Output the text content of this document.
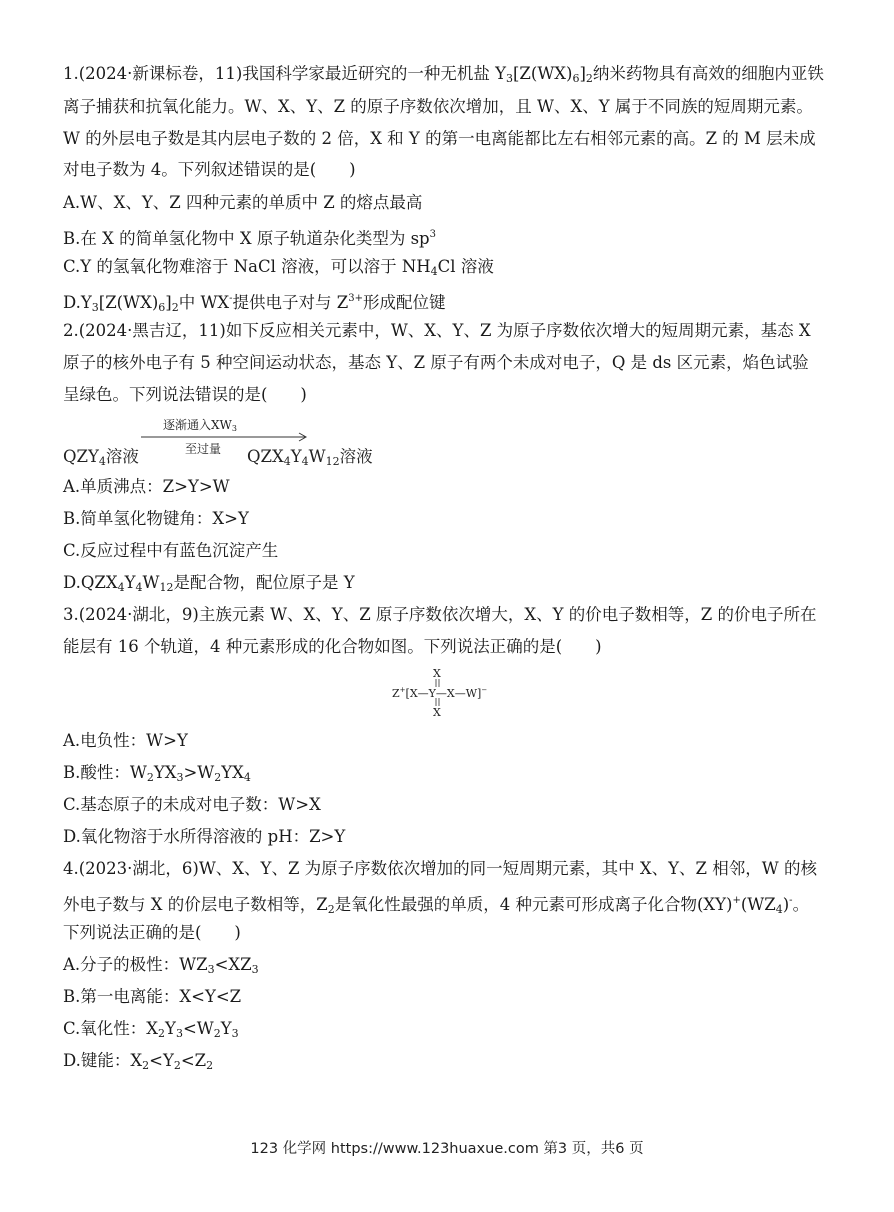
1.(2024·新课标卷，11)我国科学家最近研究的一种无机盐 $Y_3[Z(WX)_6]_2$纳米药物具有高效的细胞内亚铁
离子捕获和抗氧化能力。W、X、Y、Z 的原子序数依次增加，且 W、X、Y 属于不同族的短周期元素。
W 的外层电子数是其内层电子数的 2 倍，X 和 Y 的第一电离能都比左右相邻元素的高。Z 的 M 层未成
对电子数为 4。下列叙述错误的是(　　)
A.W、X、Y、Z 四种元素的单质中 Z 的熔点最高
B.在 X 的简单氢化物中 X 原子轨道杂化类型为 $sp^3$
C.Y 的氢氧化物难溶于 NaCl 溶液，可以溶于 $NH_4Cl$ 溶液
$D.Y_3[Z(WX)_6]_2$中 WX-提供电子对与 $Z^{3+}$形成配位键
2.(2024·黑吉辽，11)如下反应相关元素中，W、X、Y、Z 为原子序数依次增大的短周期元素，基态 X
原子的核外电子有 5 种空间运动状态，基态 Y、Z 原子有两个未成对电子，Q 是 ds 区元素，焰色试验
呈绿色。下列说法错误的是(　　)
逐渐通入XW3
至过量
$QZY_4$溶液	$QZX_4Y_4W_{12}$溶液
A.单质沸点：Z>Y>W
B.简单氢化物键角：X>Y
C.反应过程中有蓝色沉淀产生
$D.QZX_4Y_4W_{12}$是配合物，配位原子是 Y
3.(2024·湖北，9)主族元素 W、X、Y、Z 原子序数依次增大，X、Y 的价电子数相等，Z 的价电子所在
能层有 16 个轨道，4 种元素形成的化合物如图。下列说法正确的是(　　)
X
Z+[X—Y—X—W]−
X
A.电负性：W>Y
B.酸性：$W_2YX_3>W_2YX_4$
C.基态原子的未成对电子数：W>X
D.氧化物溶于水所得溶液的 pH：Z>Y
4.(2023·湖北，6)W、X、Y、Z 为原子序数依次增加的同一短周期元素，其中 X、Y、Z 相邻，W 的核
外电子数与 X 的价层电子数相等，$Z_2$是氧化性最强的单质，4 种元素可形成离子化合物$(XY)^+(WZ_4)^-$。
下列说法正确的是(　　)
A.分子的极性：$WZ_3<XZ_3$
B.第一电离能：X<Y<Z
C.氧化性：$X_2Y_3<W_2Y_3$
D.键能：$X_2<Y_2<Z_2$
123 化学网 https://www.123huaxue.com 第3 页，共6 页
